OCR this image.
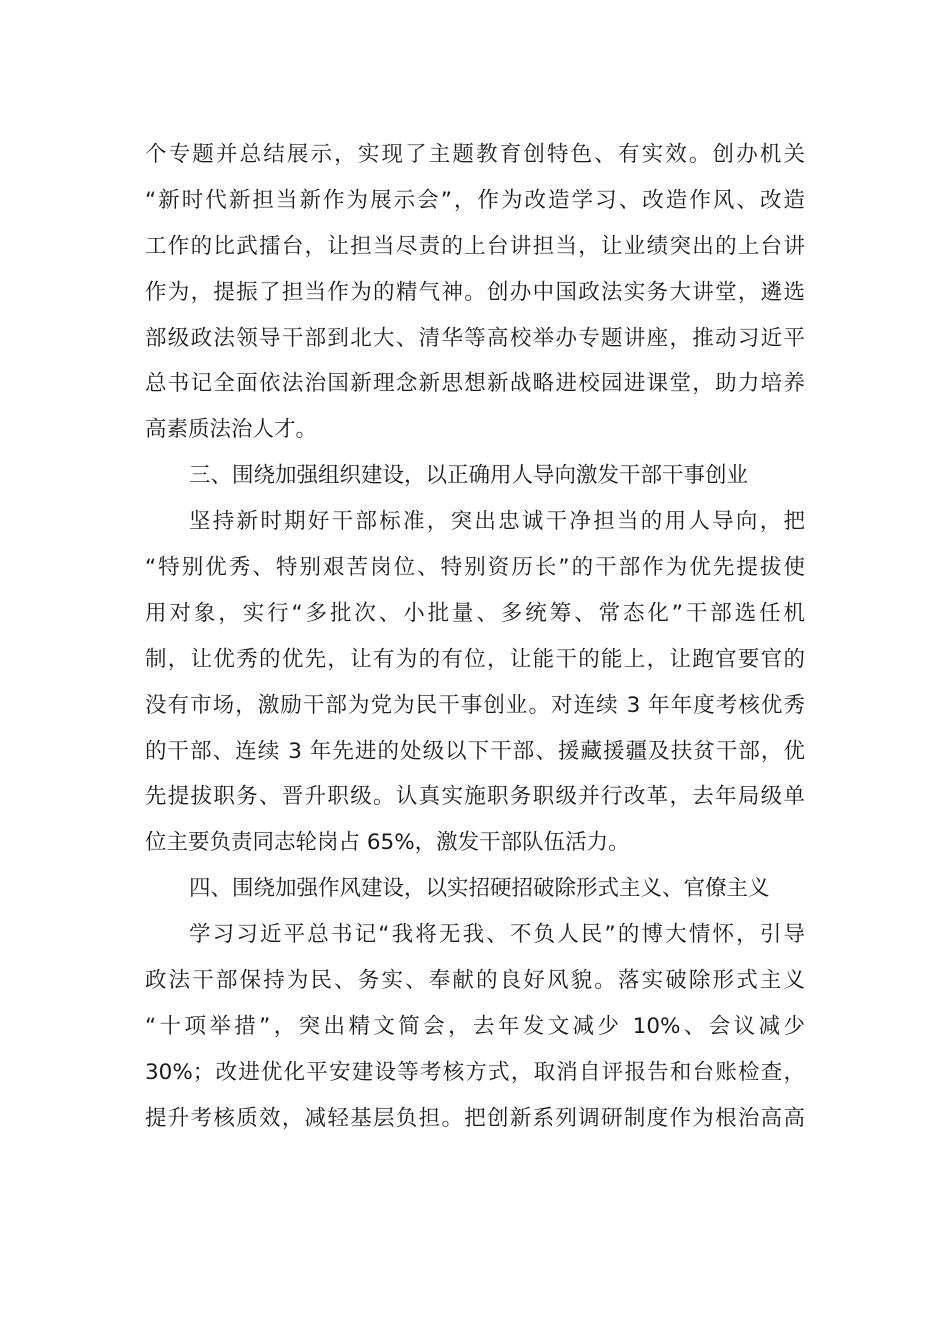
个专题并总结展示，实现了主题教育创特色、有实效。创办机关
“新时代新担当新作为展示会”，作为改造学习、改造作风、改造
工作的比武擂台，让担当尽责的上台讲担当，让业绩突出的上台讲
作为，提振了担当作为的精气神。创办中国政法实务大讲堂，遴选
部级政法领导干部到北大、清华等高校举办专题讲座，推动习近平
总书记全面依法治国新理念新思想新战略进校园进课堂，助力培养
高素质法治人才。
三、围绕加强组织建设，以正确用人导向激发干部干事创业
坚持新时期好干部标准，突出忠诚干净担当的用人导向，把
“特别优秀、特别艰苦岗位、特别资历长”的干部作为优先提拔使
用对象，实行“多批次、小批量、多统筹、常态化”干部选任机
制，让优秀的优先，让有为的有位，让能干的能上，让跑官要官的
没有市场，激励干部为党为民干事创业。对连续 3 年年度考核优秀
的干部、连续 3 年先进的处级以下干部、援藏援疆及扶贫干部，优
先提拔职务、晋升职级。认真实施职务职级并行改革，去年局级单
位主要负责同志轮岗占 65%，激发干部队伍活力。
四、围绕加强作风建设，以实招硬招破除形式主义、官僚主义
学习习近平总书记“我将无我、不负人民”的博大情怀，引导
政法干部保持为民、务实、奉献的良好风貌。落实破除形式主义
“十项举措”，突出精文简会，去年发文减少 10%、会议减少
30%；改进优化平安建设等考核方式，取消自评报告和台账检查，
提升考核质效，减轻基层负担。把创新系列调研制度作为根治高高
